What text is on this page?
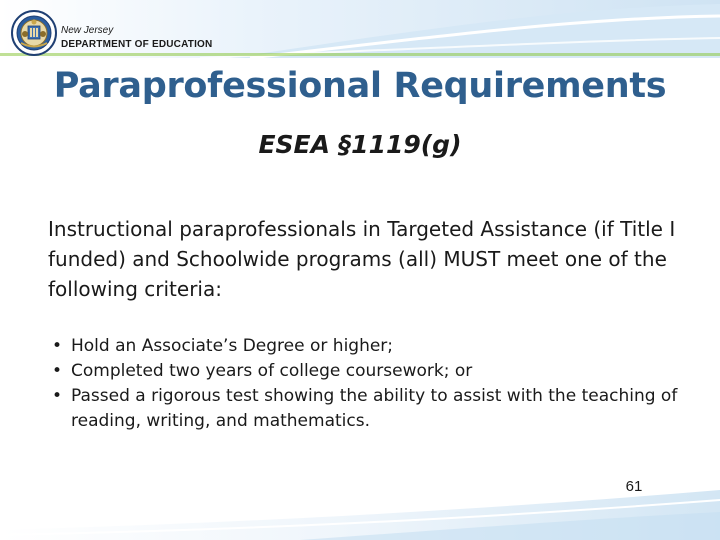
New Jersey
DEPARTMENT OF EDUCATION
Paraprofessional Requirements
ESEA §1119(g)

Instructional paraprofessionals in Targeted Assistance (if Title I funded) and Schoolwide programs (all) MUST meet one of the following criteria:

• Hold an Associate’s Degree or higher;
• Completed two years of college coursework; or
• Passed a rigorous test showing the ability to assist with the teaching of reading, writing, and mathematics.
61
